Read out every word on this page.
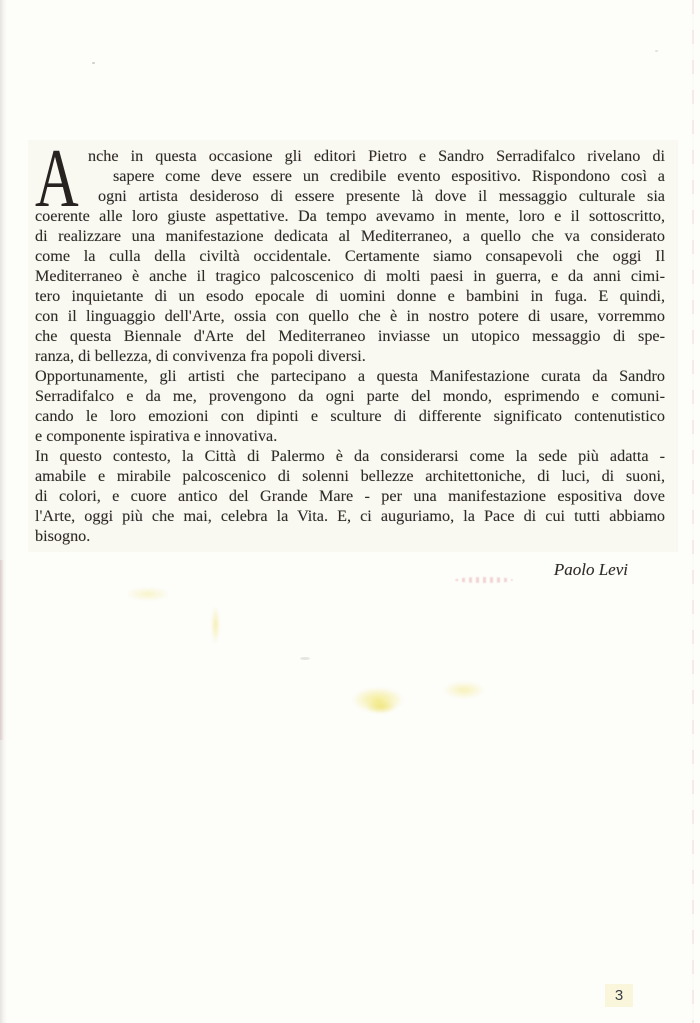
A nche in questa occasione gli editori Pietro e Sandro Serradifalco rivelano di
sapere come deve essere un credibile evento espositivo. Rispondono così a
ogni artista desideroso di essere presente là dove il messaggio culturale sia
coerente alle loro giuste aspettative. Da tempo avevamo in mente, loro e il sottoscritto,
di realizzare una manifestazione dedicata al Mediterraneo, a quello che va considerato
come la culla della civiltà occidentale. Certamente siamo consapevoli che oggi Il
Mediterraneo è anche il tragico palcoscenico di molti paesi in guerra, e da anni cimi-
tero inquietante di un esodo epocale di uomini donne e bambini in fuga. E quindi,
con il linguaggio dell'Arte, ossia con quello che è in nostro potere di usare, vorremmo
che questa Biennale d'Arte del Mediterraneo inviasse un utopico messaggio di spe-
ranza, di bellezza, di convivenza fra popoli diversi.
Opportunamente, gli artisti che partecipano a questa Manifestazione curata da Sandro
Serradifalco e da me, provengono da ogni parte del mondo, esprimendo e comuni-
cando le loro emozioni con dipinti e sculture di differente significato contenutistico
e componente ispirativa e innovativa.
In questo contesto, la Città di Palermo è da considerarsi come la sede più adatta -
amabile e mirabile palcoscenico di solenni bellezze architettoniche, di luci, di suoni,
di colori, e cuore antico del Grande Mare - per una manifestazione espositiva dove
l'Arte, oggi più che mai, celebra la Vita. E, ci auguriamo, la Pace di cui tutti abbiamo
bisogno.
Paolo Levi
3
